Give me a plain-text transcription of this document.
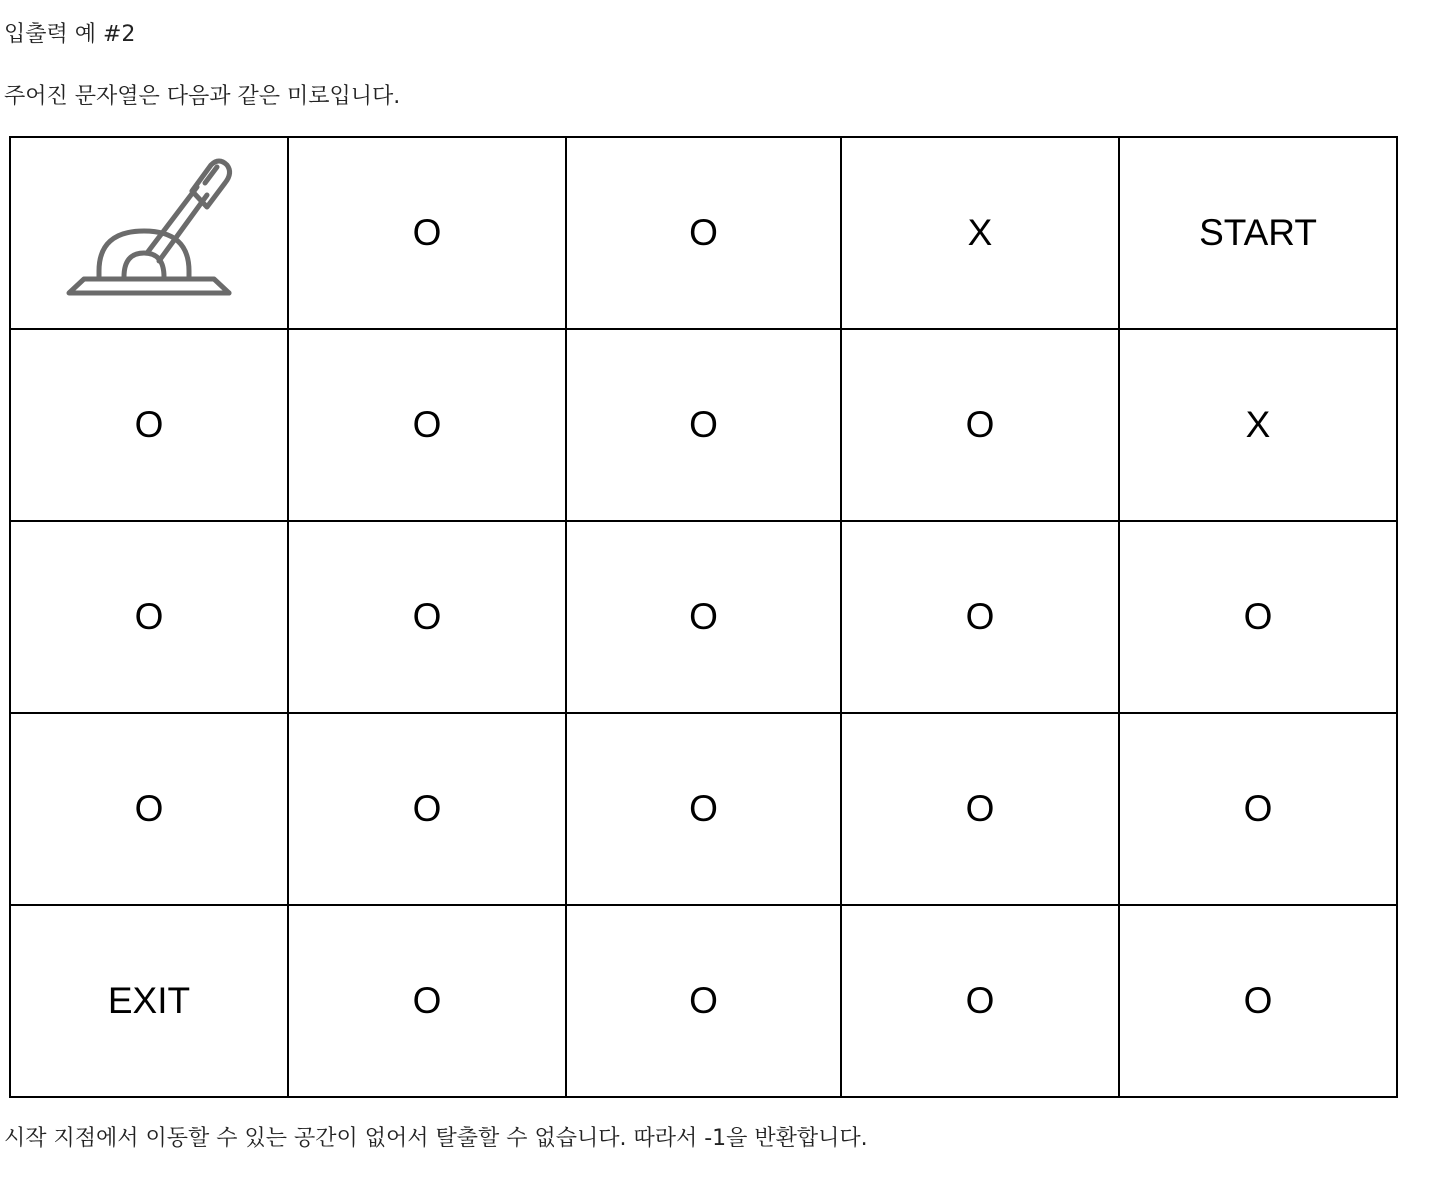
입출력 예 #2

주어진 문자열은 다음과 같은 미로입니다.

	O	O	X	START
O	O	O	O	X
O	O	O	O	O
O	O	O	O	O
EXIT	O	O	O	O

시작 지점에서 이동할 수 있는 공간이 없어서 탈출할 수 없습니다. 따라서 -1을 반환합니다.
